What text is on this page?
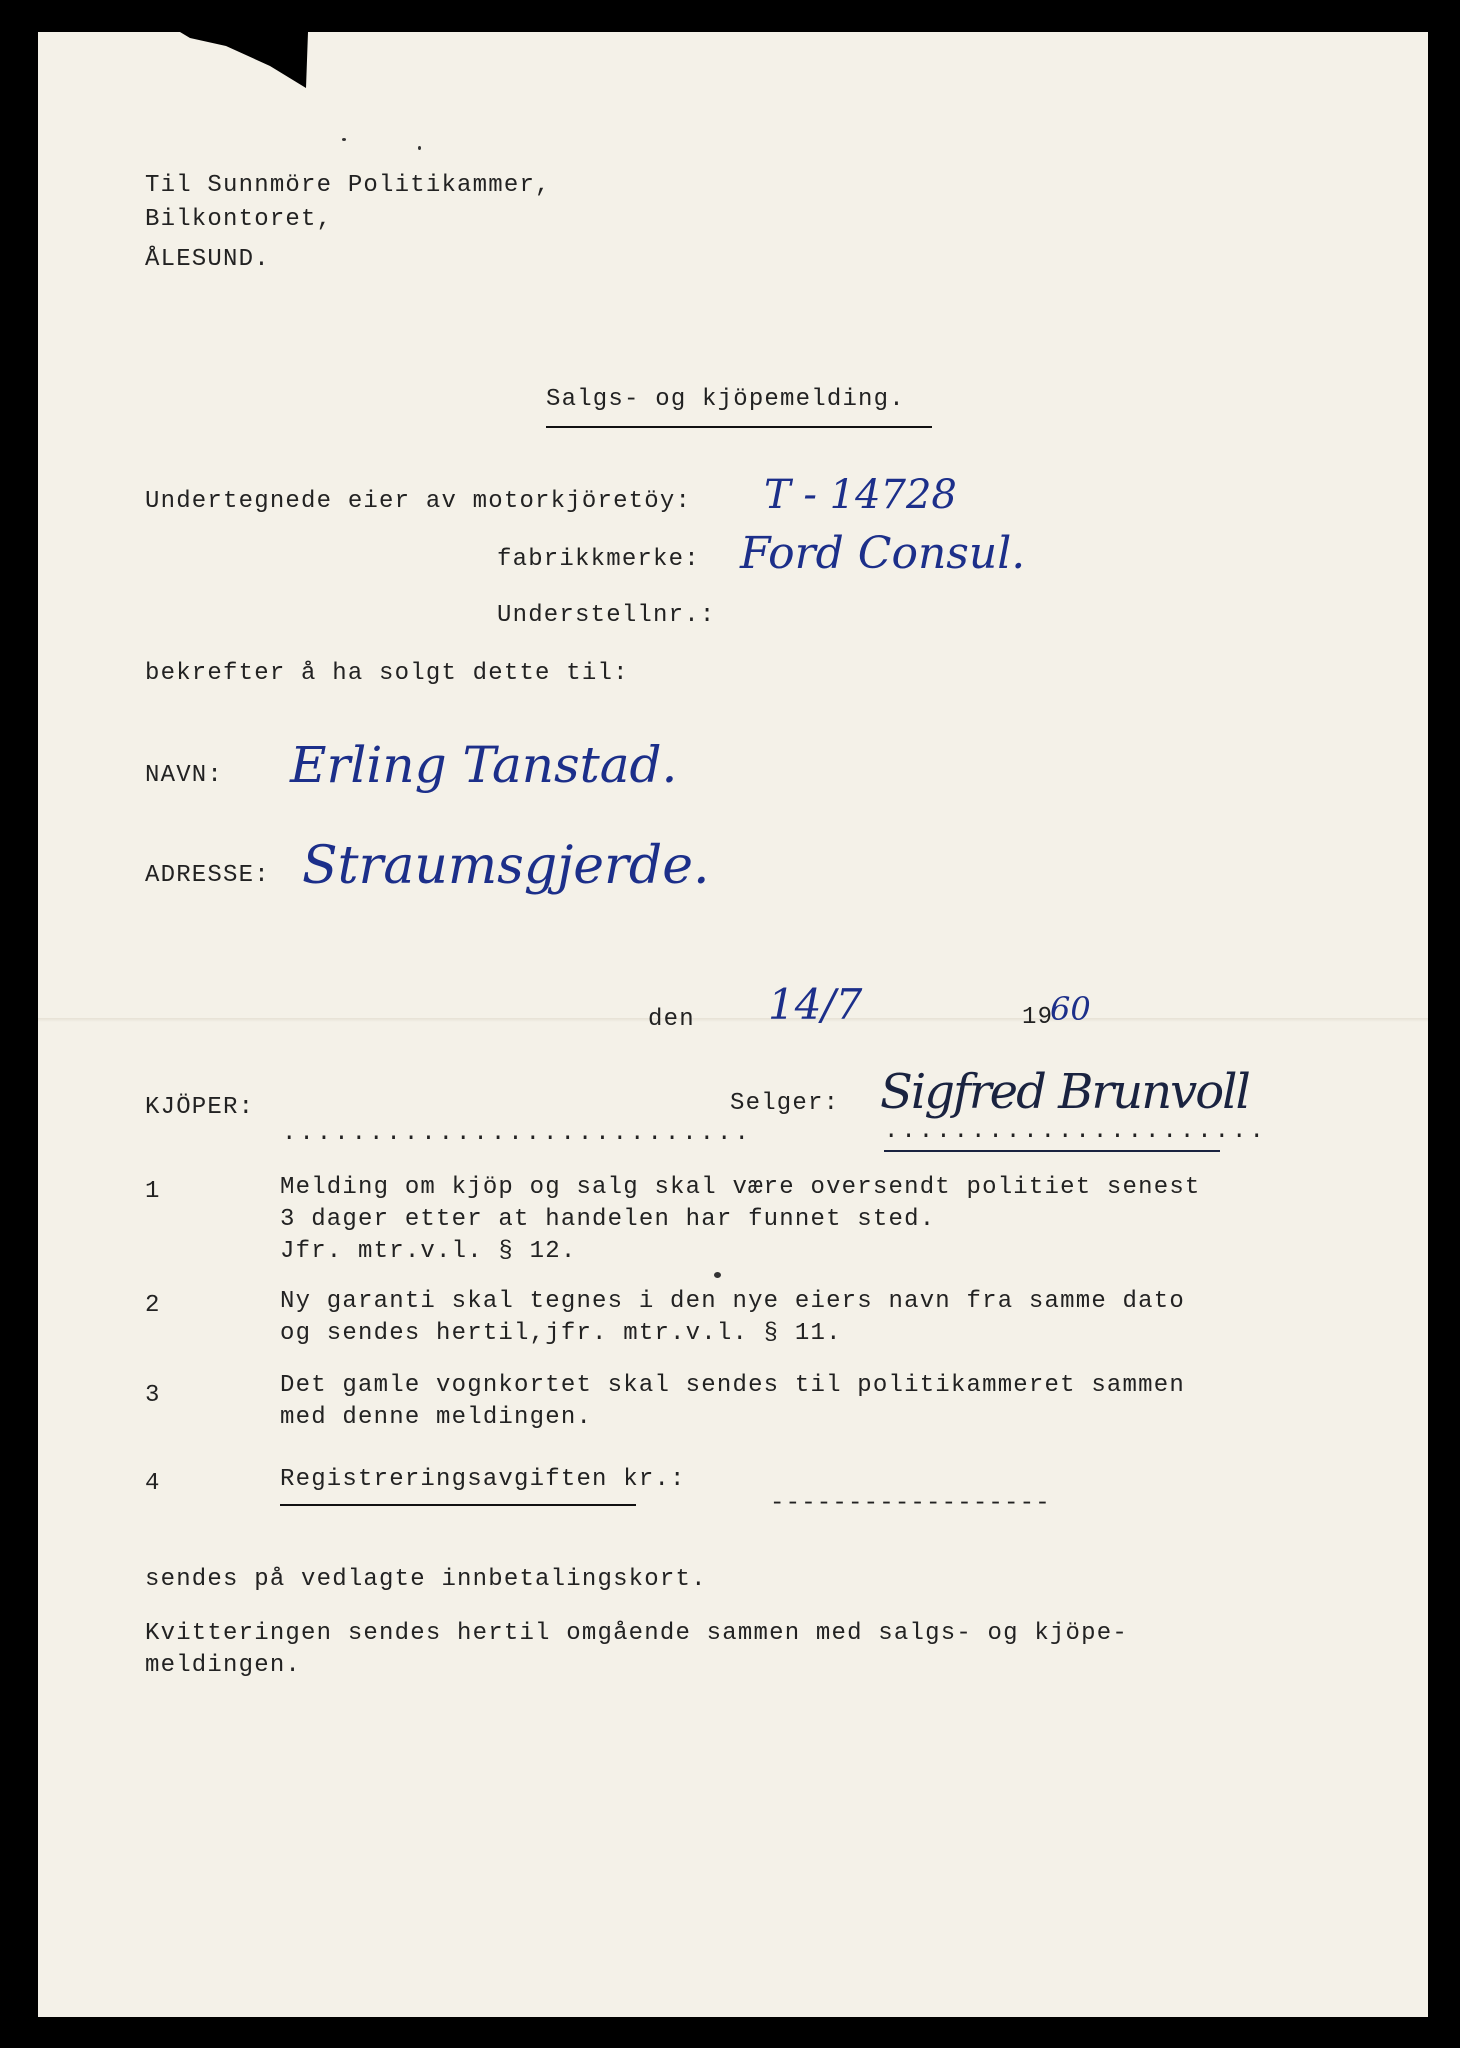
Til Sunnmöre Politikammer,
Bilkontoret,
ÅLESUND.
Salgs- og kjöpemelding.
Undertegnede eier av motorkjöretöy: T - 14728
fabrikkmerke: Ford Consul.
Understellnr.:
bekrefter å ha solgt dette til:
NAVN: Erling Tanstad.
ADRESSE: Straumsgjerde.
den 14/7	19
60
KJÖPER:
...........................
Selger: Sigfred Brunvoll
......................
1	Melding om kjöp og salg skal være oversendt politiet senest
3 dager etter at handelen har funnet sted.
Jfr. mtr.v.l. § 12.
2	Ny garanti skal tegnes i den nye eiers navn fra samme dato
og sendes hertil,jfr. mtr.v.l. § 11.
3	Det gamle vognkortet skal sendes til politikammeret sammen
med denne meldingen.
4	Registreringsavgiften kr.:
------------------
sendes på vedlagte innbetalingskort.
Kvitteringen sendes hertil omgående sammen med salgs- og kjöpe-
meldingen.
